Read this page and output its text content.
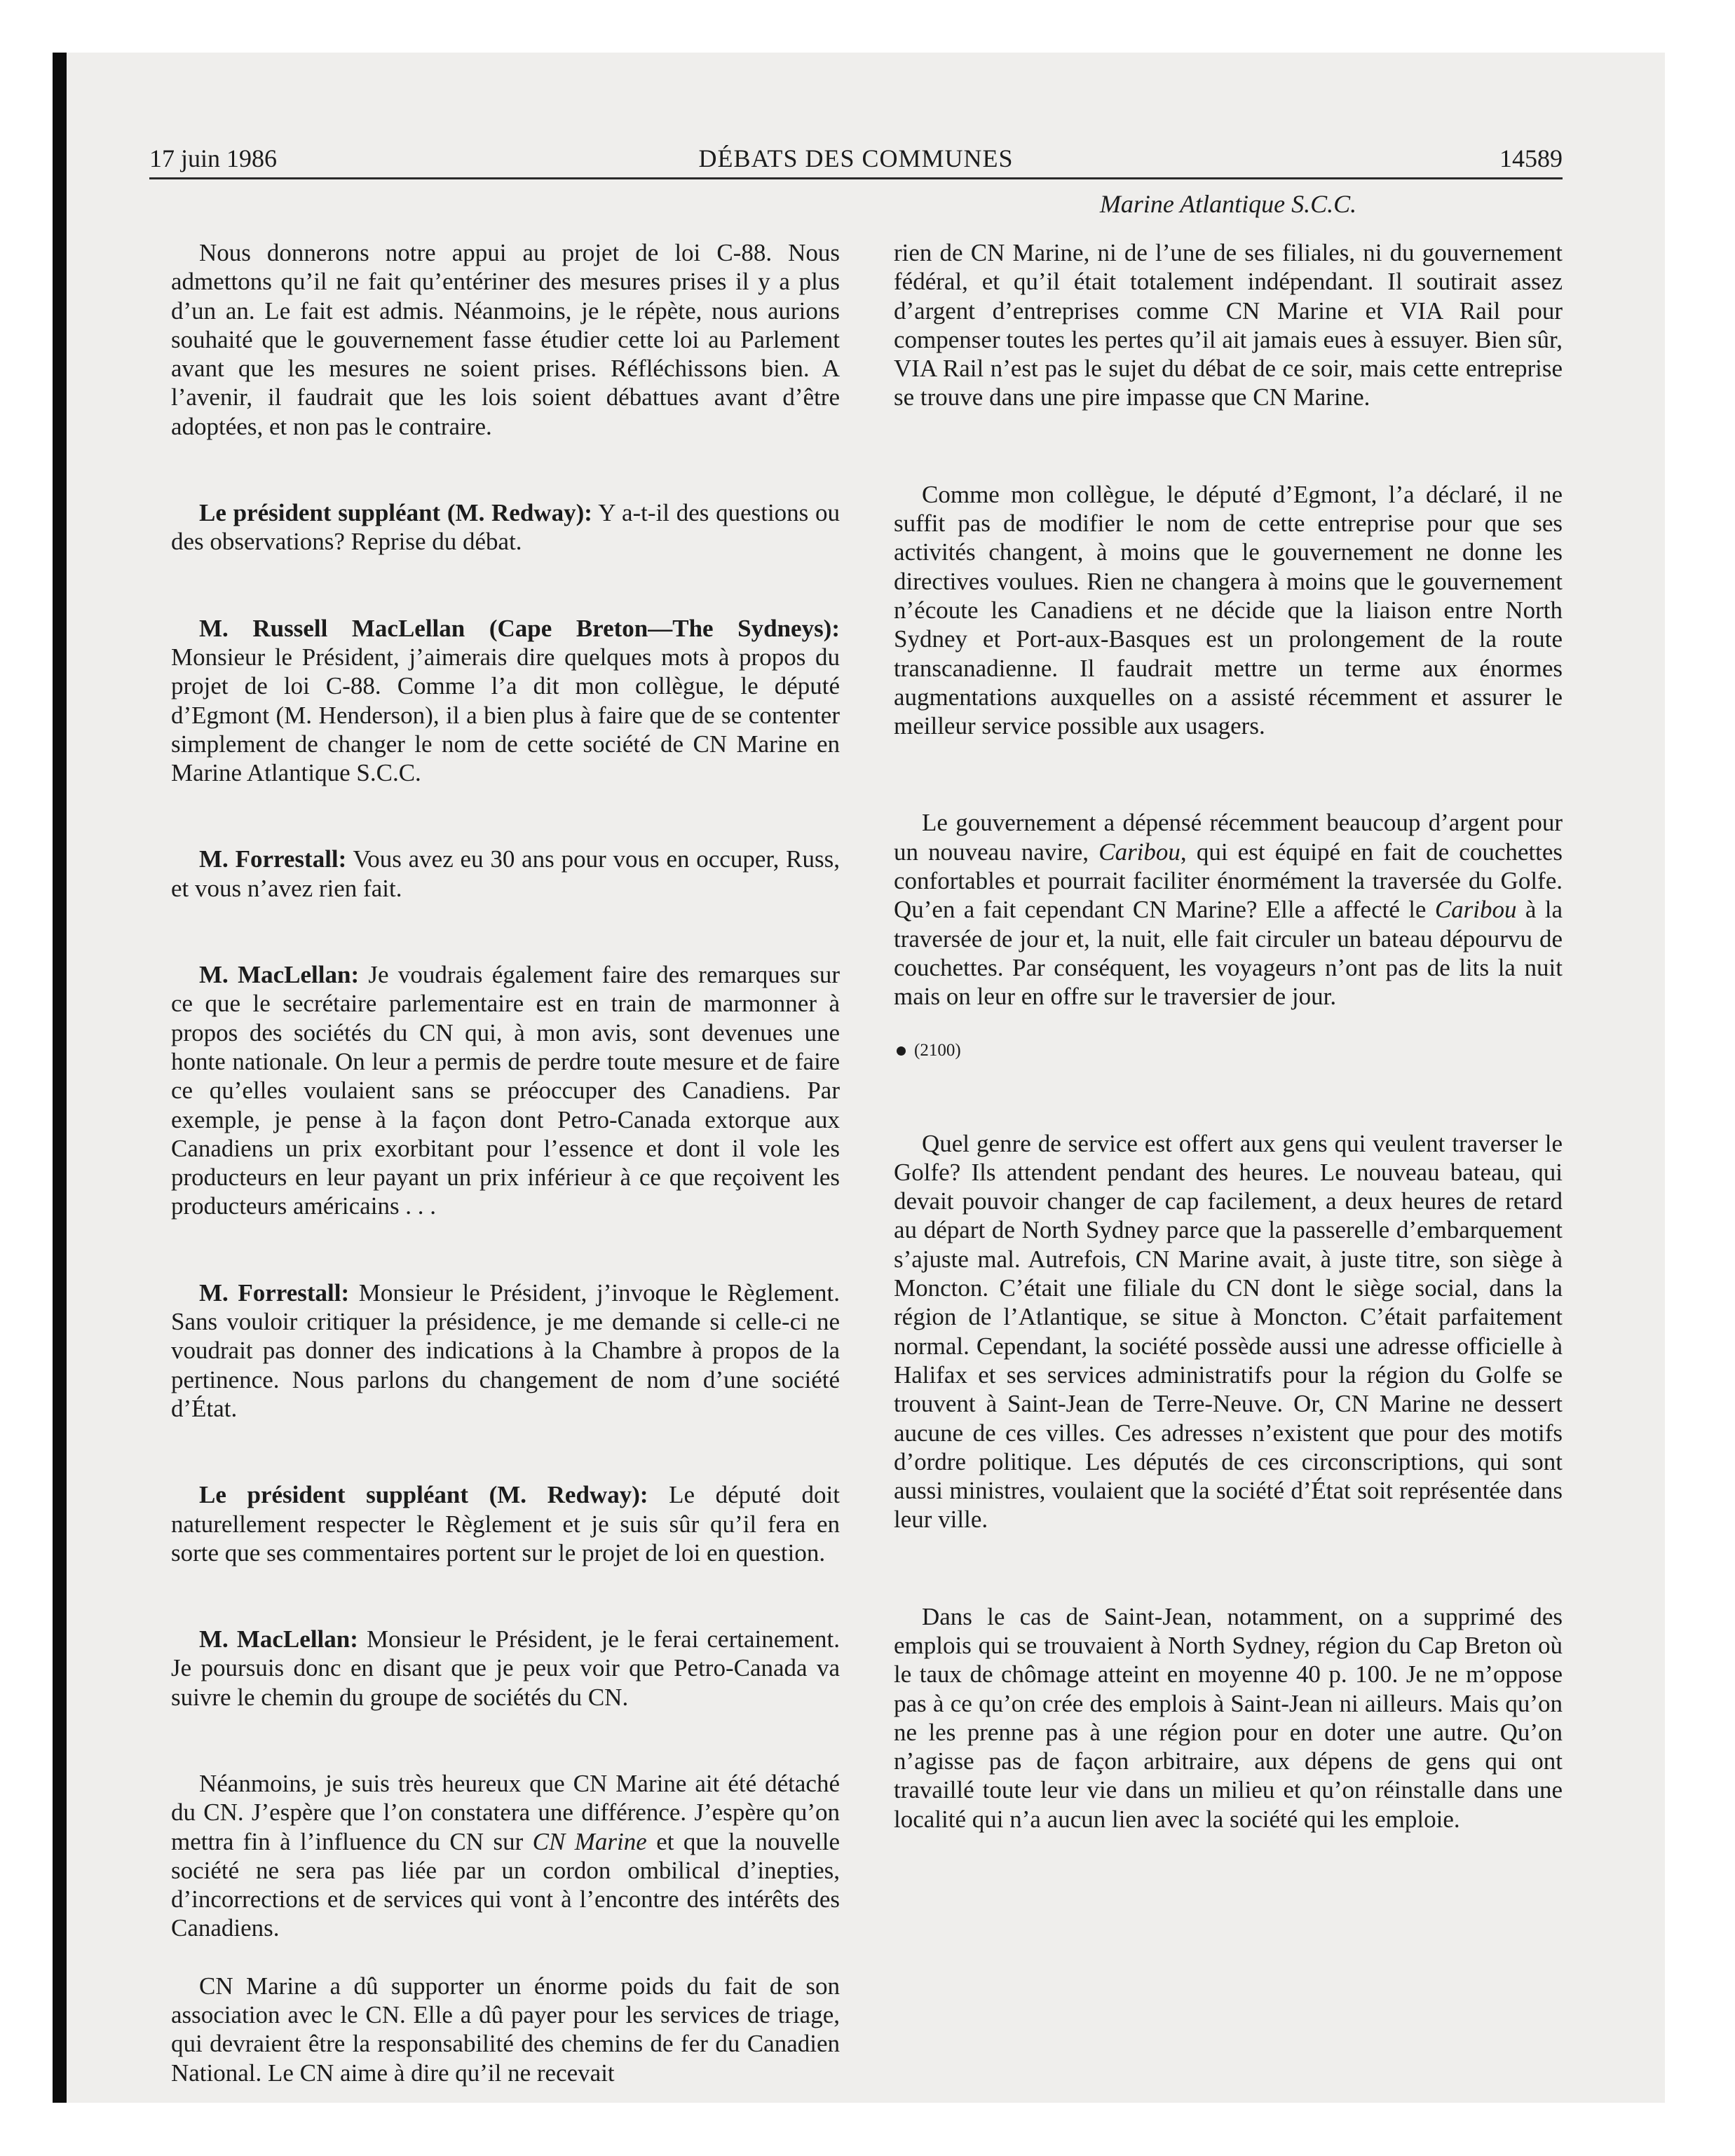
17 juin 1986	DÉBATS DES COMMUNES	14589
Marine Atlantique S.C.C.

Nous donnerons notre appui au projet de loi C-88. Nous admettons qu’il ne fait qu’entériner des mesures prises il y a plus d’un an. Le fait est admis. Néanmoins, je le répète, nous aurions souhaité que le gouvernement fasse étudier cette loi au Parlement avant que les mesures ne soient prises. Réfléchissons bien. A l’avenir, il faudrait que les lois soient débattues avant d’être adoptées, et non pas le contraire.

Le président suppléant (M. Redway): Y a-t-il des questions ou des observations? Reprise du débat.

M. Russell MacLellan (Cape Breton—The Sydneys): Monsieur le Président, j’aimerais dire quelques mots à propos du projet de loi C-88. Comme l’a dit mon collègue, le député d’Egmont (M. Henderson), il a bien plus à faire que de se contenter simplement de changer le nom de cette société de CN Marine en Marine Atlantique S.C.C.

M. Forrestall: Vous avez eu 30 ans pour vous en occuper, Russ, et vous n’avez rien fait.

M. MacLellan: Je voudrais également faire des remarques sur ce que le secrétaire parlementaire est en train de marmonner à propos des sociétés du CN qui, à mon avis, sont devenues une honte nationale. On leur a permis de perdre toute mesure et de faire ce qu’elles voulaient sans se préoccuper des Canadiens. Par exemple, je pense à la façon dont Petro-Canada extorque aux Canadiens un prix exorbitant pour l’essence et dont il vole les producteurs en leur payant un prix inférieur à ce que reçoivent les producteurs américains . . .

M. Forrestall: Monsieur le Président, j’invoque le Règlement. Sans vouloir critiquer la présidence, je me demande si celle-ci ne voudrait pas donner des indications à la Chambre à propos de la pertinence. Nous parlons du changement de nom d’une société d’État.

Le président suppléant (M. Redway): Le député doit naturellement respecter le Règlement et je suis sûr qu’il fera en sorte que ses commentaires portent sur le projet de loi en question.

M. MacLellan: Monsieur le Président, je le ferai certainement. Je poursuis donc en disant que je peux voir que Petro-Canada va suivre le chemin du groupe de sociétés du CN.

Néanmoins, je suis très heureux que CN Marine ait été détaché du CN. J’espère que l’on constatera une différence. J’espère qu’on mettra fin à l’influence du CN sur CN Marine et que la nouvelle société ne sera pas liée par un cordon ombilical d’inepties, d’incorrections et de services qui vont à l’encontre des intérêts des Canadiens.

CN Marine a dû supporter un énorme poids du fait de son association avec le CN. Elle a dû payer pour les services de triage, qui devraient être la responsabilité des chemins de fer du Canadien National. Le CN aime à dire qu’il ne recevait

rien de CN Marine, ni de l’une de ses filiales, ni du gouvernement fédéral, et qu’il était totalement indépendant. Il soutirait assez d’argent d’entreprises comme CN Marine et VIA Rail pour compenser toutes les pertes qu’il ait jamais eues à essuyer. Bien sûr, VIA Rail n’est pas le sujet du débat de ce soir, mais cette entreprise se trouve dans une pire impasse que CN Marine.

Comme mon collègue, le député d’Egmont, l’a déclaré, il ne suffit pas de modifier le nom de cette entreprise pour que ses activités changent, à moins que le gouvernement ne donne les directives voulues. Rien ne changera à moins que le gouvernement n’écoute les Canadiens et ne décide que la liaison entre North Sydney et Port-aux-Basques est un prolongement de la route transcanadienne. Il faudrait mettre un terme aux énormes augmentations auxquelles on a assisté récemment et assurer le meilleur service possible aux usagers.

Le gouvernement a dépensé récemment beaucoup d’argent pour un nouveau navire, Caribou, qui est équipé en fait de couchettes confortables et pourrait faciliter énormément la traversée du Golfe. Qu’en a fait cependant CN Marine? Elle a affecté le Caribou à la traversée de jour et, la nuit, elle fait circuler un bateau dépourvu de couchettes. Par conséquent, les voyageurs n’ont pas de lits la nuit mais on leur en offre sur le traversier de jour.

(2100)

Quel genre de service est offert aux gens qui veulent traverser le Golfe? Ils attendent pendant des heures. Le nouveau bateau, qui devait pouvoir changer de cap facilement, a deux heures de retard au départ de North Sydney parce que la passerelle d’embarquement s’ajuste mal. Autrefois, CN Marine avait, à juste titre, son siège à Moncton. C’était une filiale du CN dont le siège social, dans la région de l’Atlantique, se situe à Moncton. C’était parfaitement normal. Cependant, la société possède aussi une adresse officielle à Halifax et ses services administratifs pour la région du Golfe se trouvent à Saint-Jean de Terre-Neuve. Or, CN Marine ne dessert aucune de ces villes. Ces adresses n’existent que pour des motifs d’ordre politique. Les députés de ces circonscriptions, qui sont aussi ministres, voulaient que la société d’État soit représentée dans leur ville.

Dans le cas de Saint-Jean, notamment, on a supprimé des emplois qui se trouvaient à North Sydney, région du Cap Breton où le taux de chômage atteint en moyenne 40 p. 100. Je ne m’oppose pas à ce qu’on crée des emplois à Saint-Jean ni ailleurs. Mais qu’on ne les prenne pas à une région pour en doter une autre. Qu’on n’agisse pas de façon arbitraire, aux dépens de gens qui ont travaillé toute leur vie dans un milieu et qu’on réinstalle dans une localité qui n’a aucun lien avec la société qui les emploie.
